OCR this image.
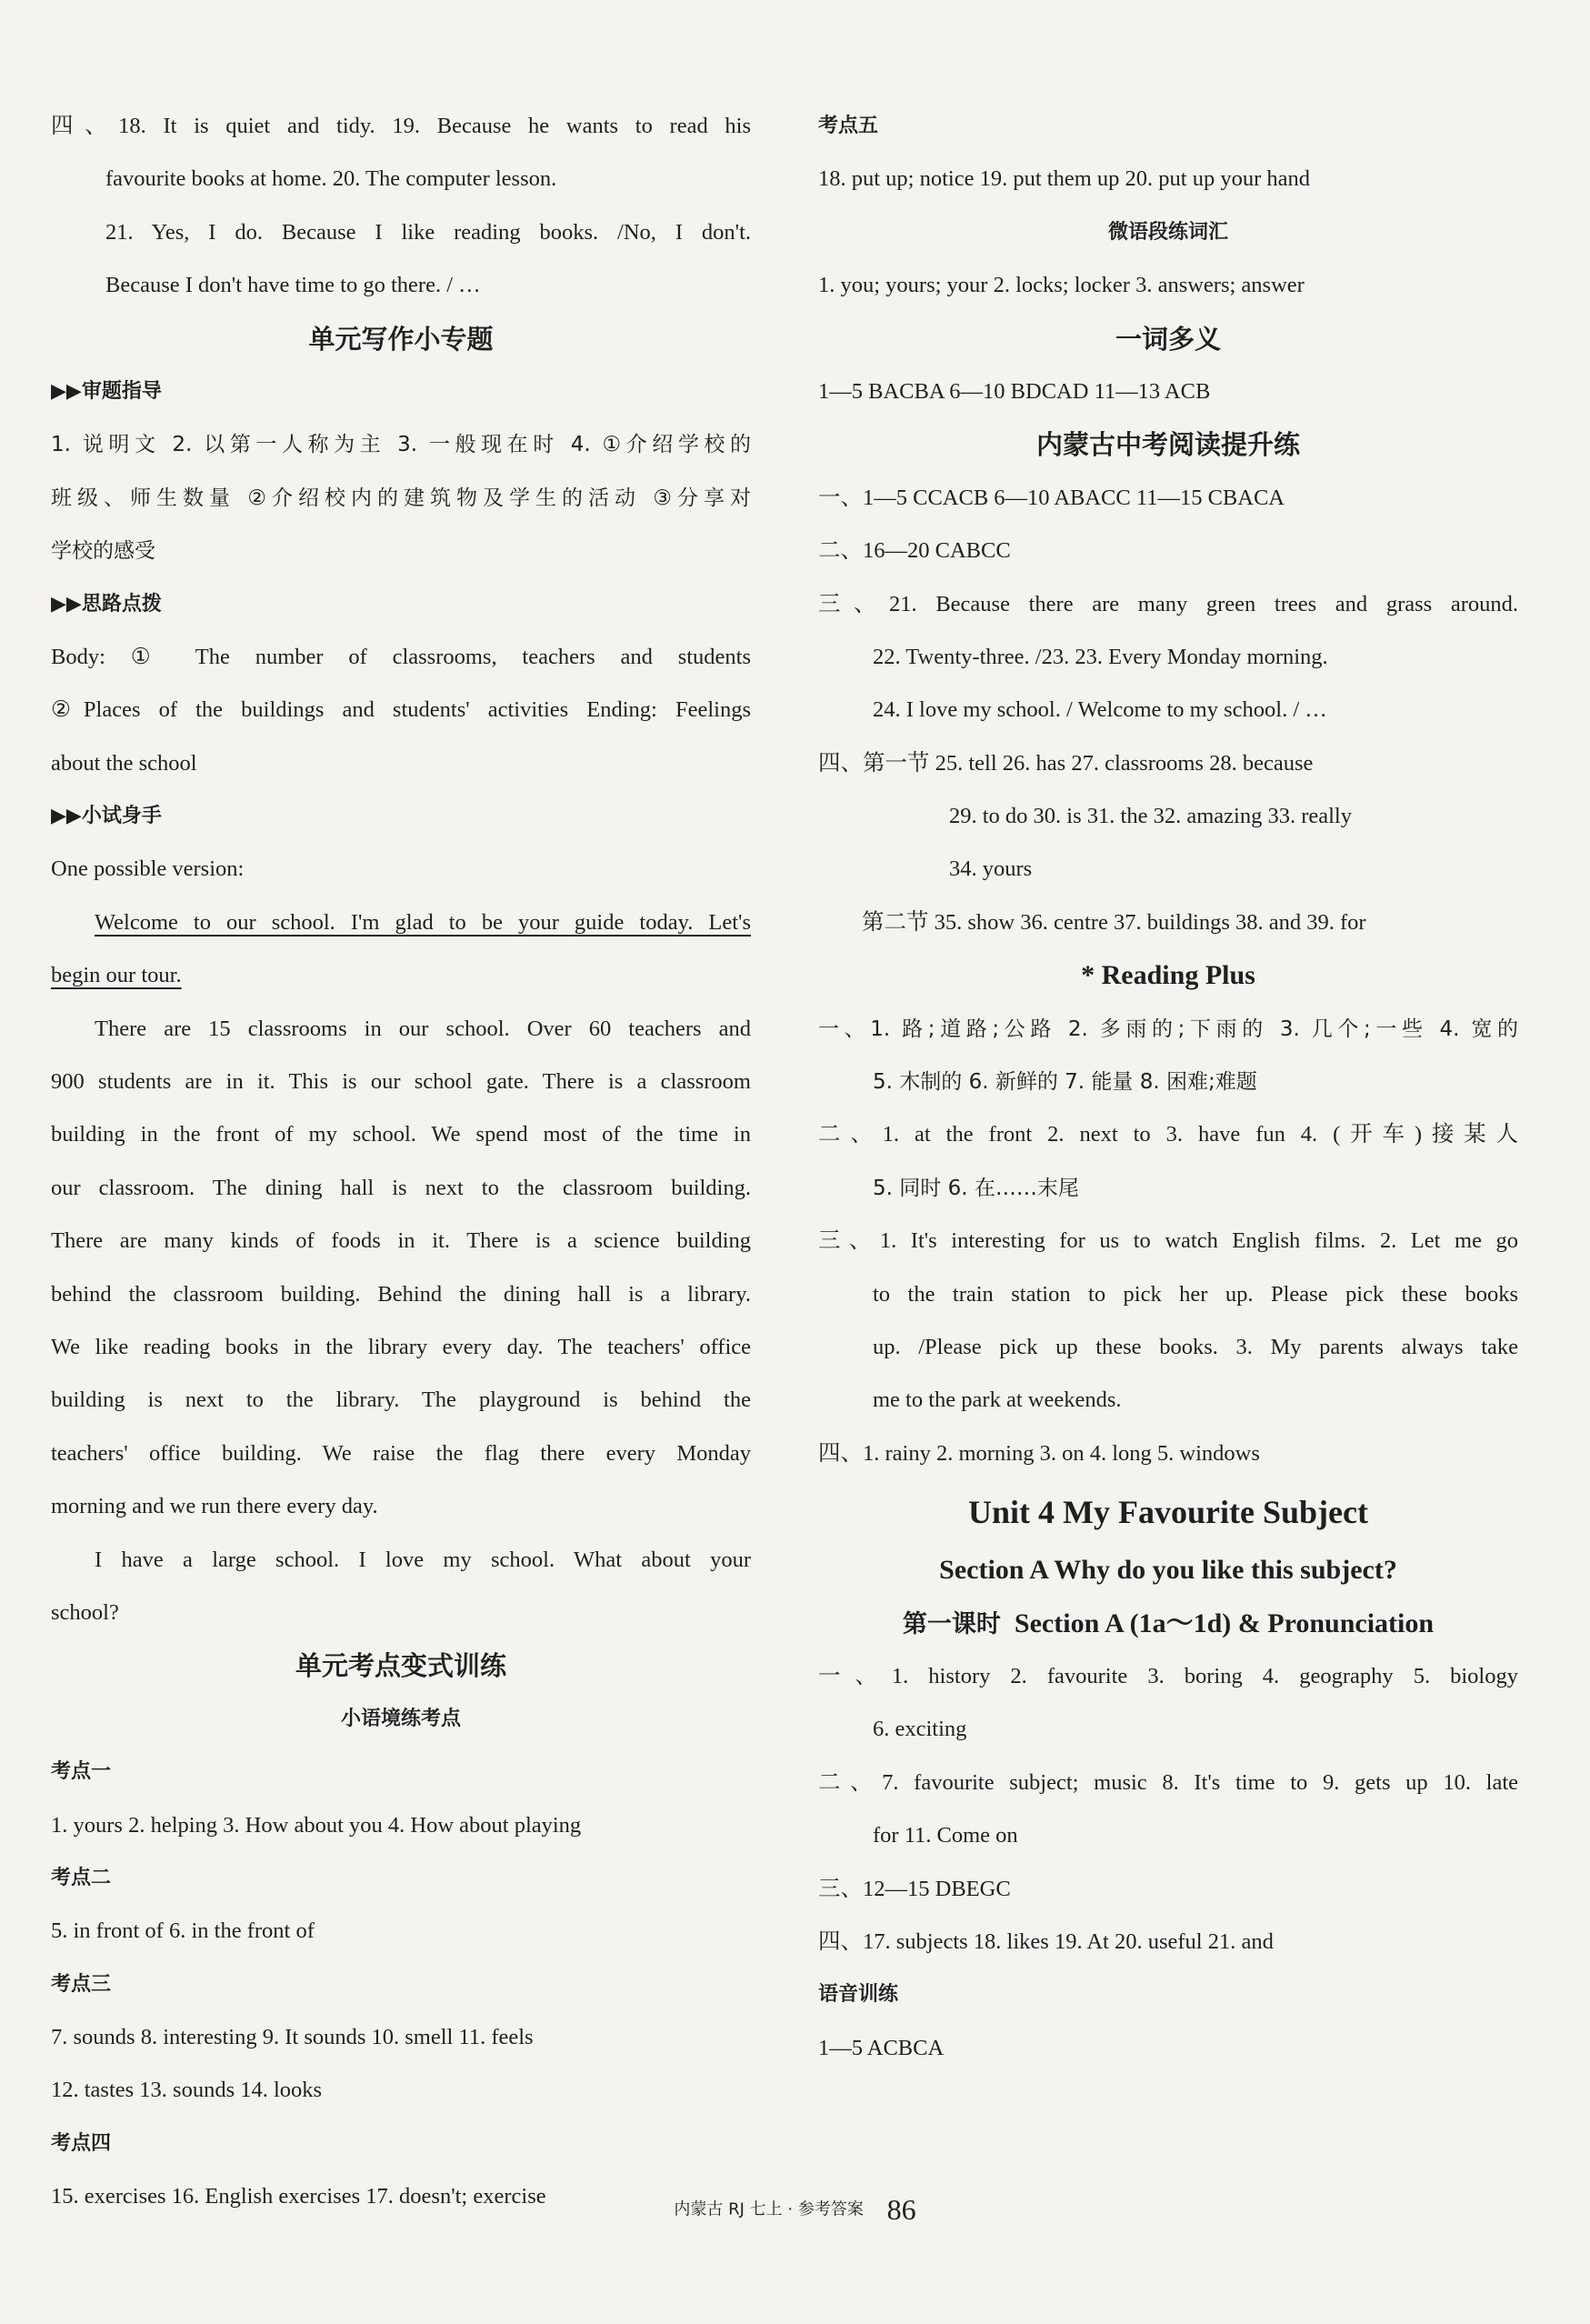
四、18. It is quiet and tidy. 19. Because he wants to read his
favourite books at home. 20. The computer lesson.
21. Yes, I do. Because I like reading books. /No, I don't.
Because I don't have time to go there. / …
单元写作小专题
▶▶审题指导
1. 说明文 2. 以第一人称为主 3. 一般现在时 4. ①介绍学校的
班级、师生数量 ②介绍校内的建筑物及学生的活动 ③分享对
学校的感受
▶▶思路点拨
Body: ① The number of classrooms, teachers and students
②Places of the buildings and students' activities Ending: Feelings
about the school
▶▶小试身手
One possible version:
Welcome to our school. I'm glad to be your guide today. Let's
begin our tour.
There are 15 classrooms in our school. Over 60 teachers and
900 students are in it. This is our school gate. There is a classroom
building in the front of my school. We spend most of the time in
our classroom. The dining hall is next to the classroom building.
There are many kinds of foods in it. There is a science building
behind the classroom building. Behind the dining hall is a library.
We like reading books in the library every day. The teachers' office
building is next to the library. The playground is behind the
teachers' office building. We raise the flag there every Monday
morning and we run there every day.
I have a large school. I love my school. What about your
school?
单元考点变式训练
小语境练考点
考点一
1. yours 2. helping 3. How about you 4. How about playing
考点二
5. in front of 6. in the front of
考点三
7. sounds 8. interesting 9. It sounds 10. smell 11. feels
12. tastes 13. sounds 14. looks
考点四
15. exercises 16. English exercises 17. doesn't; exercise
考点五
18. put up; notice 19. put them up 20. put up your hand
微语段练词汇
1. you; yours; your 2. locks; locker 3. answers; answer
一词多义
1—5 BACBA 6—10 BDCAD 11—13 ACB
内蒙古中考阅读提升练
一、1—5 CCACB 6—10 ABACC 11—15 CBACA
二、16—20 CABCC
三、21. Because there are many green trees and grass around.
22. Twenty-three. /23. 23. Every Monday morning.
24. I love my school. / Welcome to my school. / …
四、第一节 25. tell 26. has 27. classrooms 28. because
29. to do 30. is 31. the 32. amazing 33. really
34. yours
第二节 35. show 36. centre 37. buildings 38. and 39. for
* Reading Plus
一、1. 路;道路;公路 2. 多雨的;下雨的 3. 几个;一些 4. 宽的
5. 木制的 6. 新鲜的 7. 能量 8. 困难;难题
二、1. at the front 2. next to 3. have fun 4. (开车)接某人
5. 同时 6. 在……末尾
三、1. It's interesting for us to watch English films. 2. Let me go
to the train station to pick her up. Please pick these books
up. /Please pick up these books. 3. My parents always take
me to the park at weekends.
四、1. rainy 2. morning 3. on 4. long 5. windows
Unit 4 My Favourite Subject
Section A Why do you like this subject?
第一课时 Section A (1a～1d) & Pronunciation
一、1. history 2. favourite 3. boring 4. geography 5. biology
6. exciting
二、7. favourite subject; music 8. It's time to 9. gets up 10. late
for 11. Come on
三、12—15 DBEGC
四、17. subjects 18. likes 19. At 20. useful 21. and
语音训练
1—5 ACBCA
内蒙古 RJ 七上 · 参考答案 86
